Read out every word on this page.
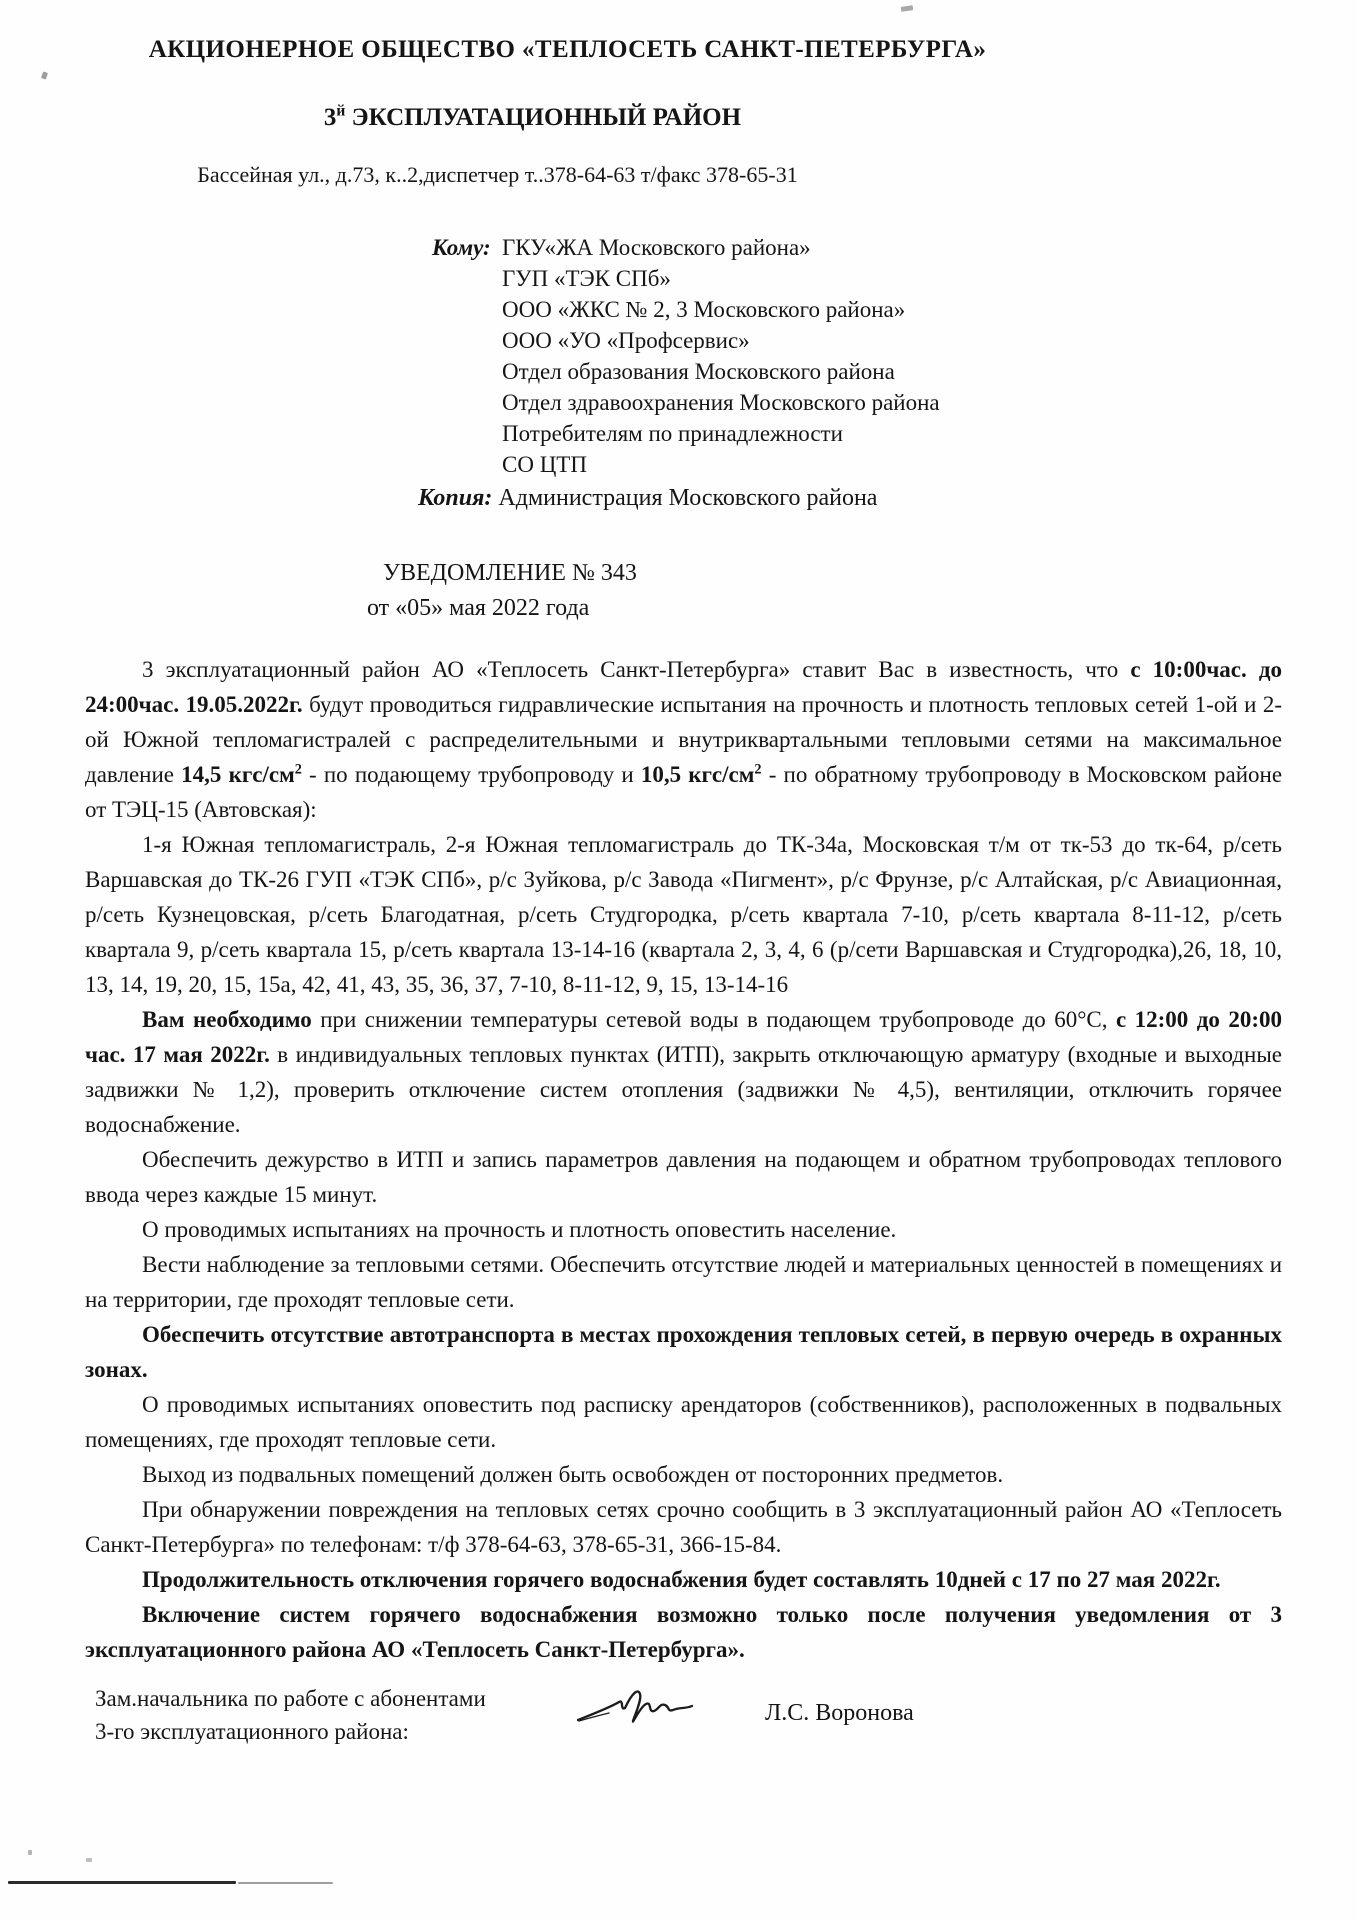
АКЦИОНЕРНОЕ ОБЩЕСТВО «ТЕПЛОСЕТЬ САНКТ-ПЕТЕРБУРГА»
$3^й$ ЭКСПЛУАТАЦИОННЫЙ РАЙОН
Бассейная ул., д.73, к..2,диспетчер т..378-64-63 т/факс 378-65-31
Кому: ГКУ«ЖА Московского района»
ГУП «ТЭК СПб»
ООО «ЖКС № 2, 3 Московского района»
ООО «УО «Профсервис»
Отдел образования Московского района
Отдел здравоохранения Московского района
Потребителям по принадлежности
СО ЦТП
Копия: Администрация Московского района
УВЕДОМЛЕНИЕ № 343
от «05» мая 2022 года

3 эксплуатационный район АО «Теплосеть Санкт-Петербурга» ставит Вас в известность, что с 10:00час. до 24:00час. 19.05.2022г. будут проводиться гидравлические испытания на прочность и плотность тепловых сетей 1-ой и 2-ой Южной тепломагистралей с распределительными и внутриквартальными тепловыми сетями на максимальное давление 14,5 кгс/$см^2$ - по подающему трубопроводу и 10,5 кгс/$см^2$ - по обратному трубопроводу в Московском районе от ТЭЦ-15 (Автовская):

1-я Южная тепломагистраль, 2-я Южная тепломагистраль до ТК-34а, Московская т/м от тк-53 до тк-64, р/сеть Варшавская до ТК-26 ГУП «ТЭК СПб», р/с Зуйкова, р/с Завода «Пигмент», р/с Фрунзе, р/с Алтайская, р/с Авиационная, р/сеть Кузнецовская, р/сеть Благодатная, р/сеть Студгородка, р/сеть квартала 7-10, р/сеть квартала 8-11-12, р/сеть квартала 9, р/сеть квартала 15, р/сеть квартала 13-14-16 (квартала 2, 3, 4, 6 (р/сети Варшавская и Студгородка),26, 18, 10, 13, 14, 19, 20, 15, 15а, 42, 41, 43, 35, 36, 37, 7-10, 8-11-12, 9, 15, 13-14-16

Вам необходимо при снижении температуры сетевой воды в подающем трубопроводе до 60°С, с 12:00 до 20:00 час. 17 мая 2022г. в индивидуальных тепловых пунктах (ИТП), закрыть отключающую арматуру (входные и выходные задвижки № 1,2), проверить отключение систем отопления (задвижки № 4,5), вентиляции, отключить горячее водоснабжение.

Обеспечить дежурство в ИТП и запись параметров давления на подающем и обратном трубопроводах теплового ввода через каждые 15 минут.

О проводимых испытаниях на прочность и плотность оповестить население.

Вести наблюдение за тепловыми сетями. Обеспечить отсутствие людей и материальных ценностей в помещениях и на территории, где проходят тепловые сети.

Обеспечить отсутствие автотранспорта в местах прохождения тепловых сетей, в первую очередь в охранных зонах.

О проводимых испытаниях оповестить под расписку арендаторов (собственников), расположенных в подвальных помещениях, где проходят тепловые сети.

Выход из подвальных помещений должен быть освобожден от посторонних предметов.

При обнаружении повреждения на тепловых сетях срочно сообщить в 3 эксплуатационный район АО «Теплосеть Санкт-Петербурга» по телефонам: т/ф 378-64-63, 378-65-31, 366-15-84.

Продолжительность отключения горячего водоснабжения будет составлять 10дней с 17 по 27 мая 2022г.

Включение систем горячего водоснабжения возможно только после получения уведомления от 3 эксплуатационного района АО «Теплосеть Санкт-Петербурга».

Зам.начальника по работе с абонентами
3-го эксплуатационного района:
Л.С. Воронова
